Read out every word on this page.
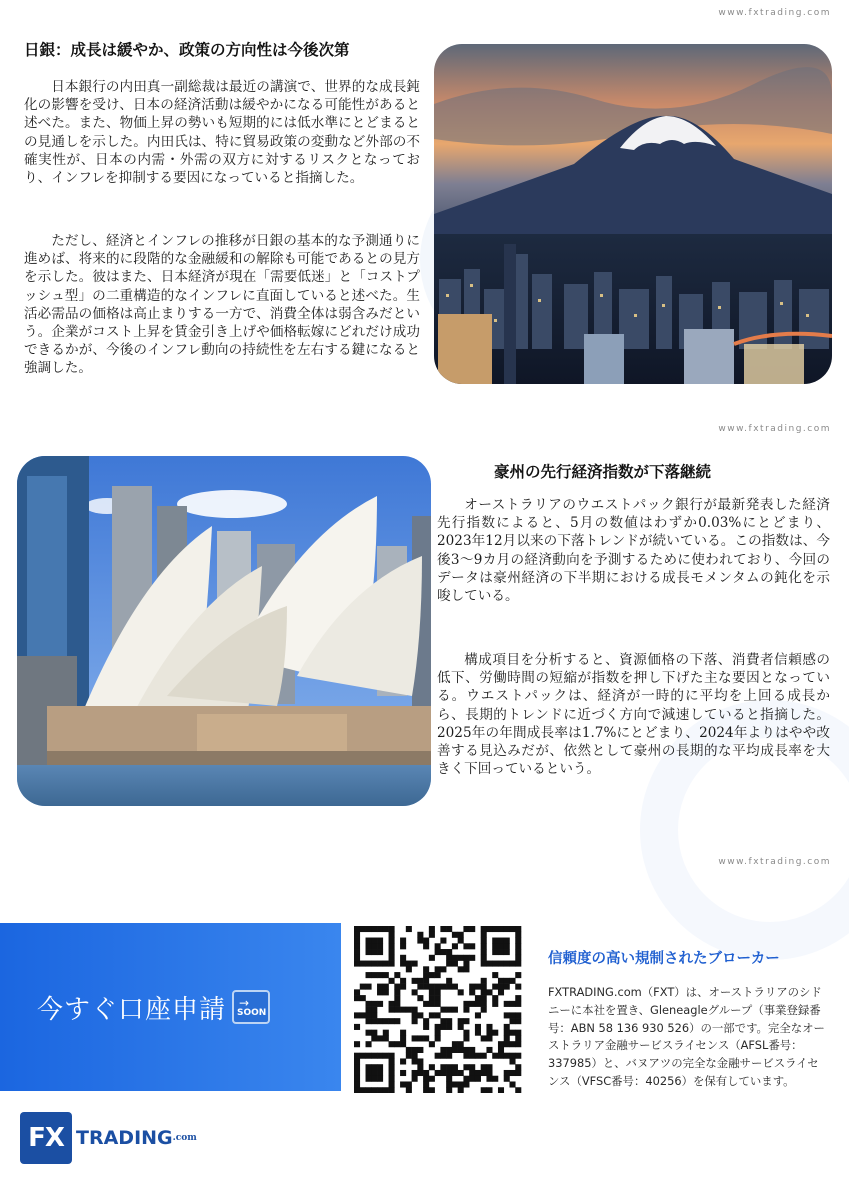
www.fxtrading.com
www.fxtrading.com
www.fxtrading.com
日銀：成長は緩やか、政策の方向性は今後次第

日本銀行の内田真一副総裁は最近の講演で、世界的な成長鈍化の影響を受け、日本の経済活動は緩やかになる可能性があると述べた。また、物価上昇の勢いも短期的には低水準にとどまるとの見通しを示した。内田氏は、特に貿易政策の変動など外部の不確実性が、日本の内需・外需の双方に対するリスクとなっており、インフレを抑制する要因になっていると指摘した。

ただし、経済とインフレの推移が日銀の基本的な予測通りに進めば、将来的に段階的な金融緩和の解除も可能であるとの見方を示した。彼はまた、日本経済が現在「需要低迷」と「コストプッシュ型」の二重構造的なインフレに直面していると述べた。生活必需品の価格は高止まりする一方で、消費全体は弱含みだという。企業がコスト上昇を賃金引き上げや価格転嫁にどれだけ成功できるかが、今後のインフレ動向の持続性を左右する鍵になると強調した。

豪州の先行経済指数が下落継続

オーストラリアのウエストパック銀行が最新発表した経済先行指数によると、5月の数値はわずか0.03%にとどまり、2023年12月以来の下落トレンドが続いている。この指数は、今後3〜9カ月の経済動向を予測するために使われており、今回のデータは豪州経済の下半期における成長モメンタムの鈍化を示唆している。

構成項目を分析すると、資源価格の下落、消費者信頼感の低下、労働時間の短縮が指数を押し下げた主な要因となっている。ウエストパックは、経済が一時的に平均を上回る成長から、長期的トレンドに近づく方向で減速していると指摘した。2025年の年間成長率は1.7%にとどまり、2024年よりはやや改善する見込みだが、依然として豪州の長期的な平均成長率を大きく下回っているという。

今すぐ口座申請 →
SOON
信頼度の高い規制されたブローカー

FXTRADING.com（FXT）は、オーストラリアのシドニーに本社を置き、Gleneagleグループ（事業登録番号：ABN 58 136 930 526）の一部です。完全なオーストラリア金融サービスライセンス（AFSL番号：337985）と、バヌアツの完全な金融サービスライセンス（VFSC番号：40256）を保有しています。

FX TRADING .com
